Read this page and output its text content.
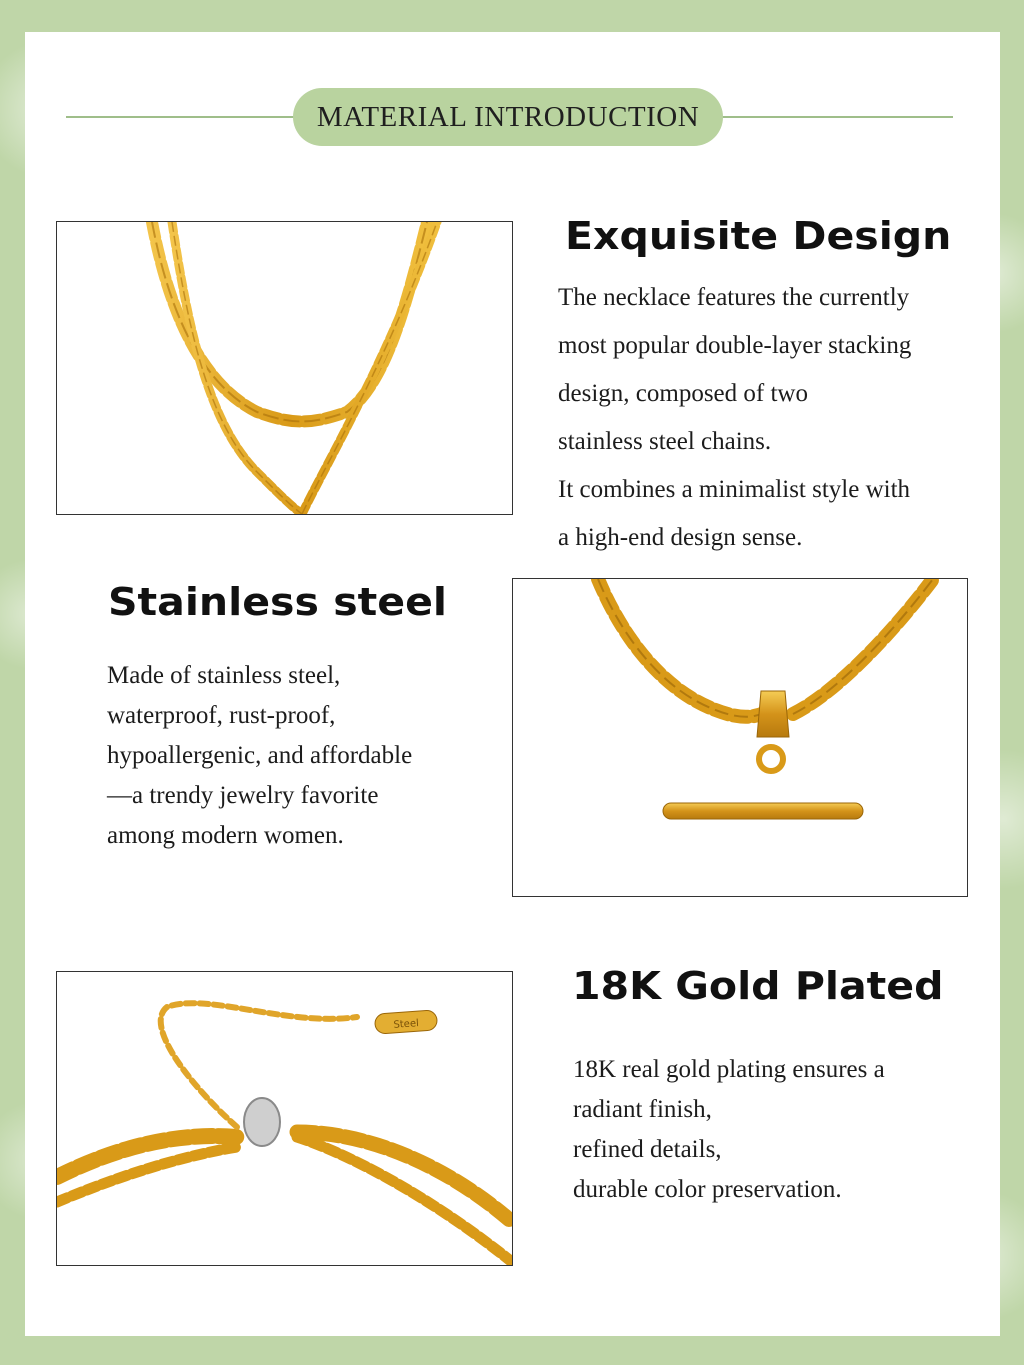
MATERIAL INTRODUCTION
Exquisite Design
The necklace features the currently
most popular double-layer stacking
design, composed of two
stainless steel chains.
It combines a minimalist style with
a high-end design sense.
Stainless steel
Made of stainless steel,
waterproof, rust-proof,
hypoallergenic, and affordable
—a trendy jewelry favorite
among modern women.
Steel
18K Gold Plated
18K real gold plating ensures a
radiant finish,
refined details,
durable color preservation.
